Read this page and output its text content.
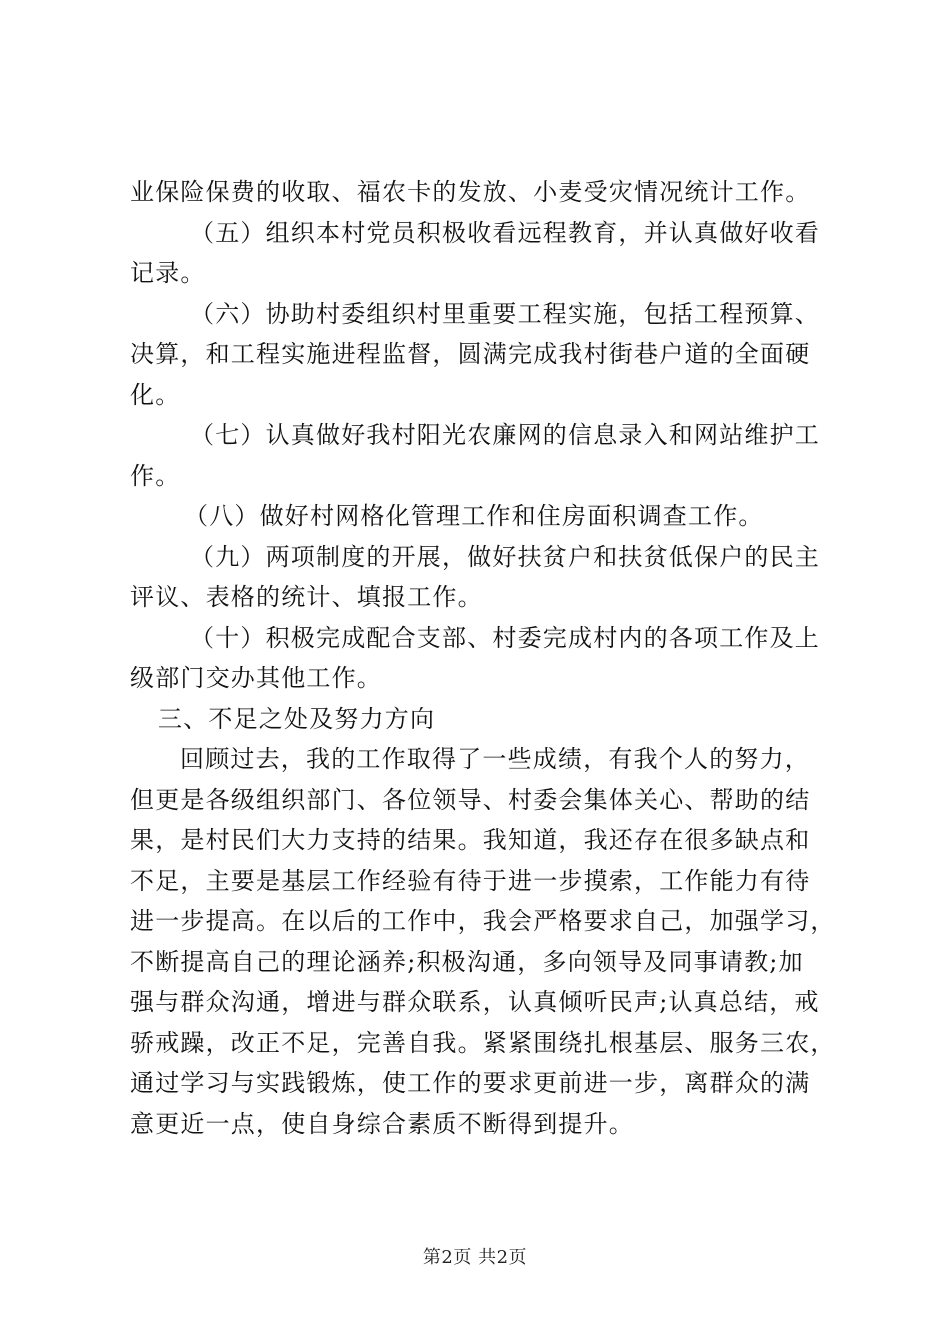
业保险保费的收取、福农卡的发放、小麦受灾情况统计工作。
（五）组织本村党员积极收看远程教育，并认真做好收看
记录。
（六）协助村委组织村里重要工程实施，包括工程预算、
决算，和工程实施进程监督，圆满完成我村街巷户道的全面硬
化。
（七）认真做好我村阳光农廉网的信息录入和网站维护工
作。
（八）做好村网格化管理工作和住房面积调查工作。
（九）两项制度的开展，做好扶贫户和扶贫低保户的民主
评议、表格的统计、填报工作。
（十）积极完成配合支部、村委完成村内的各项工作及上
级部门交办其他工作。
三、不足之处及努力方向
回顾过去，我的工作取得了一些成绩，有我个人的努力，
但更是各级组织部门、各位领导、村委会集体关心、帮助的结
果，是村民们大力支持的结果。我知道，我还存在很多缺点和
不足，主要是基层工作经验有待于进一步摸索，工作能力有待
进一步提高。在以后的工作中，我会严格要求自己，加强学习，
不断提高自己的理论涵养;积极沟通，多向领导及同事请教;加
强与群众沟通，增进与群众联系，认真倾听民声;认真总结，戒
骄戒躁，改正不足，完善自我。紧紧围绕扎根基层、服务三农，
通过学习与实践锻炼，使工作的要求更前进一步，离群众的满
意更近一点，使自身综合素质不断得到提升。
第2页 共2页
